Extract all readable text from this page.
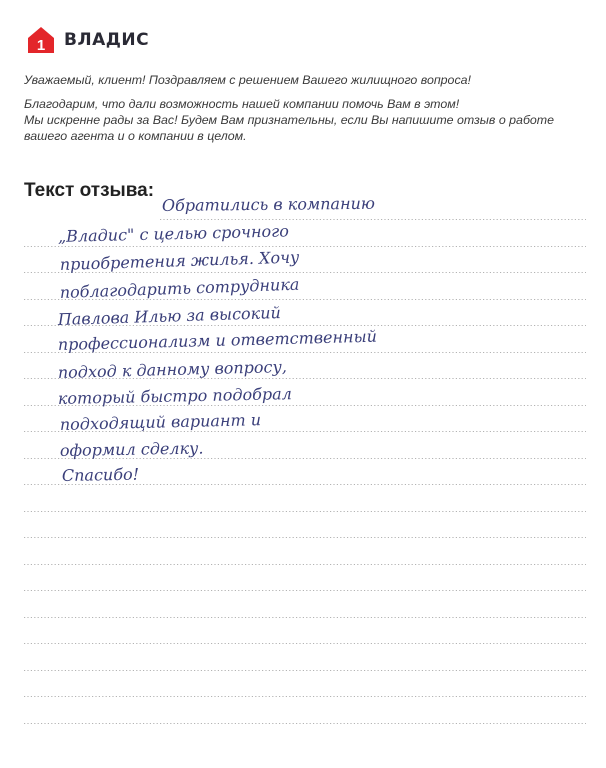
1 ВЛАДИС

Уважаемый, клиент! Поздравляем с решением Вашего жилищного вопроса!

Благодарим, что дали возможность нашей компании помочь Вам в этом!
Мы искренне рады за Вас! Будем Вам признательны, если Вы напишите отзыв о работе
вашего агента и о компании в целом.

Текст отзыва:
Обратились в компанию
„Владис" с целью срочного
приобретения жилья. Хочу
поблагодарить сотрудника
Павлова Илью за высокий
профессионализм и ответственный
подход к данному вопросу,
который быстро подобрал
подходящий вариант и
оформил сделку.
Спасибо!
